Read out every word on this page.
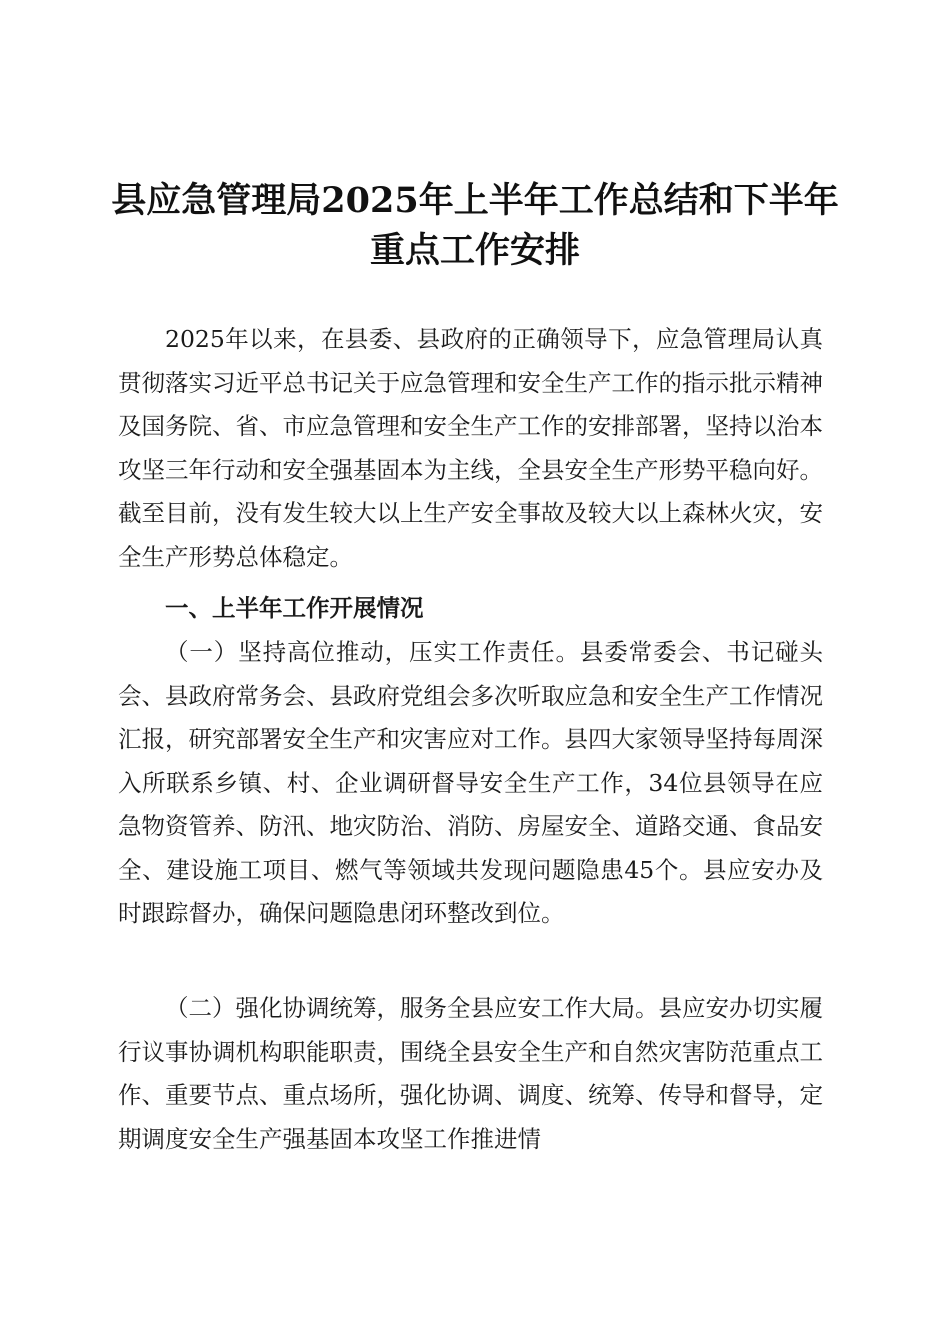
县应急管理局2025年上半年工作总结和下半年重点工作安排

2025年以来，在县委、县政府的正确领导下，应急管理局认真贯彻落实习近平总书记关于应急管理和安全生产工作的指示批示精神及国务院、省、市应急管理和安全生产工作的安排部署，坚持以治本攻坚三年行动和安全强基固本为主线，全县安全生产形势平稳向好。截至目前，没有发生较大以上生产安全事故及较大以上森林火灾，安全生产形势总体稳定。

一、上半年工作开展情况

（一）坚持高位推动，压实工作责任。县委常委会、书记碰头会、县政府常务会、县政府党组会多次听取应急和安全生产工作情况汇报，研究部署安全生产和灾害应对工作。县四大家领导坚持每周深入所联系乡镇、村、企业调研督导安全生产工作，34位县领导在应急物资管养、防汛、地灾防治、消防、房屋安全、道路交通、食品安全、建设施工项目、燃气等领域共发现问题隐患45个。县应安办及时跟踪督办，确保问题隐患闭环整改到位。

（二）强化协调统筹，服务全县应安工作大局。县应安办切实履行议事协调机构职能职责，围绕全县安全生产和自然灾害防范重点工作、重要节点、重点场所，强化协调、调度、统筹、传导和督导，定期调度安全生产强基固本攻坚工作推进情
